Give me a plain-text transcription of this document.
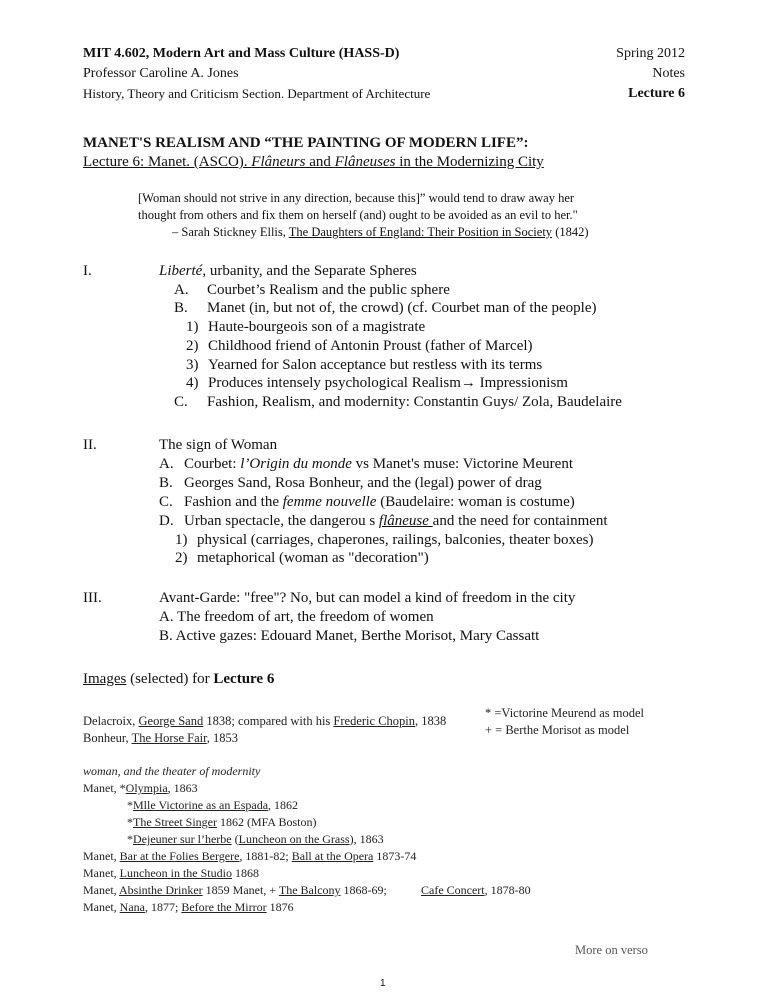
MIT 4.602, Modern Art and Mass Culture (HASS-D)
Professor Caroline A. Jones
History, Theory and Criticism Section. Department of Architecture
Spring 2012
Notes
Lecture 6
MANET'S REALISM AND “THE PAINTING OF MODERN LIFE”:
Lecture 6: Manet. (ASCO). Flâneurs and Flâneuses in the Modernizing City
[Woman should not strive in any direction, because this]” would tend to draw away her
thought from others and fix them on herself (and) ought to be avoided as an evil to her."
– Sarah Stickney Ellis, The Daughters of England: Their Position in Society (1842)
I.	Liberté, urbanity, and the Separate Spheres
A. Courbet’s Realism and the public sphere
B. Manet (in, but not of, the crowd) (cf. Courbet man of the people)
1) Haute-bourgeois son of a magistrate
2) Childhood friend of Antonin Proust (father of Marcel)
3) Yearned for Salon acceptance but restless with its terms
4) Produces intensely psychological Realism→ Impressionism
C. Fashion, Realism, and modernity: Constantin Guys/ Zola, Baudelaire
II.	The sign of Woman
A. Courbet: l’Origin du monde vs Manet's muse: Victorine Meurent
B. Georges Sand, Rosa Bonheur, and the (legal) power of drag
C. Fashion and the femme nouvelle (Baudelaire: woman is costume)
D. Urban spectacle, the dangerou s flâneuse and the need for containment
1) physical (carriages, chaperones, railings, balconies, theater boxes)
2) metaphorical (woman as "decoration")
III.	Avant-Garde: "free"? No, but can model a kind of freedom in the city
A. The freedom of art, the freedom of women
B. Active gazes: Edouard Manet, Berthe Morisot, Mary Cassatt
Images (selected) for Lecture 6
* =Victorine Meurend as model
+ = Berthe Morisot as model
Delacroix, George Sand 1838; compared with his Frederic Chopin, 1838
Bonheur, The Horse Fair, 1853
woman, and the theater of modernity
Manet, *Olympia, 1863
*Mlle Victorine as an Espada, 1862
*The Street Singer 1862 (MFA Boston)
*Dejeuner sur l’herbe (Luncheon on the Grass), 1863
Manet, Bar at the Folies Bergere, 1881-82; Ball at the Opera 1873-74
Manet, Luncheon in the Studio 1868
Manet, Absinthe Drinker 1859 Manet, + The Balcony 1868-69;	Cafe Concert, 1878-80
Manet, Nana, 1877; Before the Mirror 1876
More on verso
1
